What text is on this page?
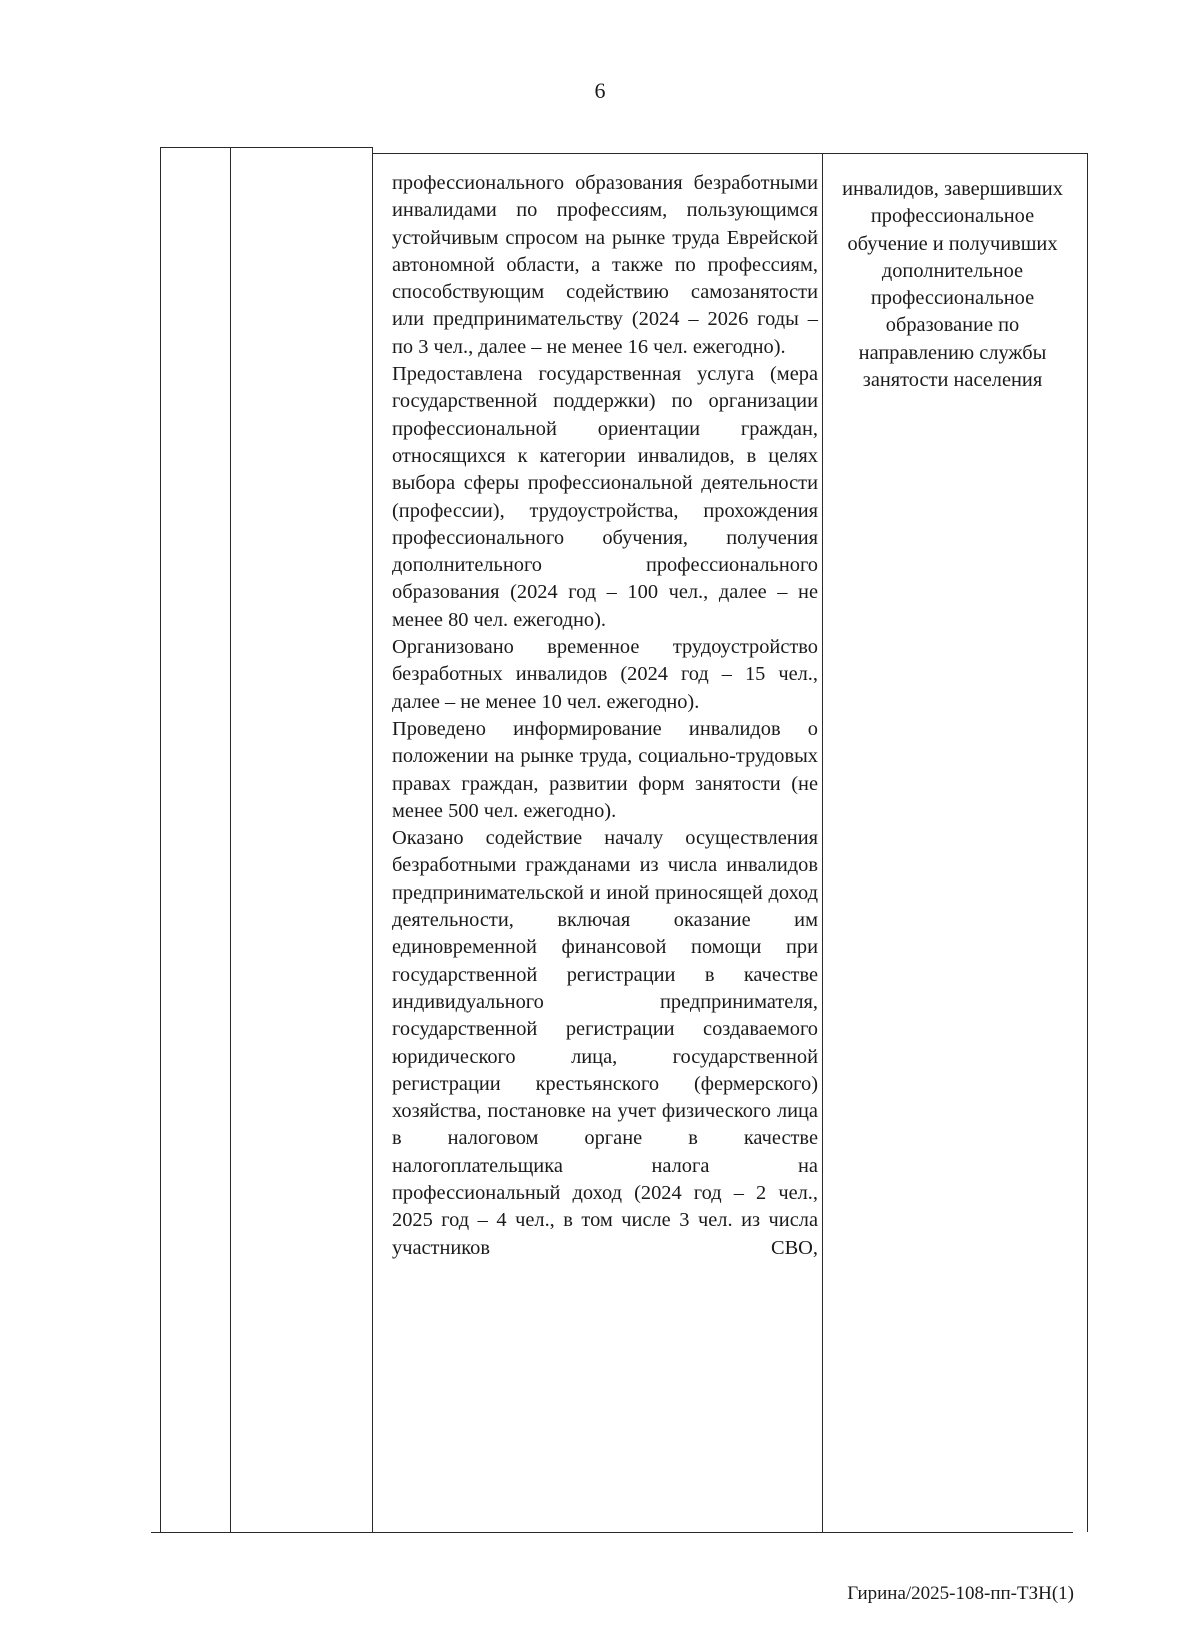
6

профессионального образования безработными инвалидами по профессиям, пользующимся устойчивым спросом на рынке труда Еврейской автономной области, а также по профессиям, способствующим содействию самозанятости или предпринимательству (2024 – 2026 годы – по 3 чел., далее – не менее 16 чел. ежегодно).

Предоставлена государственная услуга (мера государственной поддержки) по организации профессиональной ориентации граждан, относящихся к категории инвалидов, в целях выбора сферы профессиональной деятельности (профессии), трудоустройства, прохождения профессионального обучения, получения дополнительного профессионального образования (2024 год – 100 чел., далее – не менее 80 чел. ежегодно).

Организовано временное трудоустройство безработных инвалидов (2024 год – 15 чел., далее – не менее 10 чел. ежегодно).

Проведено информирование инвалидов о положении на рынке труда, социально-трудовых правах граждан, развитии форм занятости (не менее 500 чел. ежегодно).

Оказано содействие началу осуществления безработными гражданами из числа инвалидов предпринимательской и иной приносящей доход деятельности, включая оказание им единовременной финансовой помощи при государственной регистрации в качестве индивидуального предпринимателя, государственной регистрации создаваемого юридического лица, государственной регистрации крестьянского (фермерского) хозяйства, постановке на учет физического лица в налоговом органе в качестве налогоплательщика налога на профессиональный доход (2024 год – 2 чел., 2025 год – 4 чел., в том числе 3 чел. из числа участников СВО,

инвалидов, завершивших профессиональное обучение и получивших дополнительное профессиональное образование по направлению службы занятости населения
Гирина/2025-108-пп-ТЗН(1)
